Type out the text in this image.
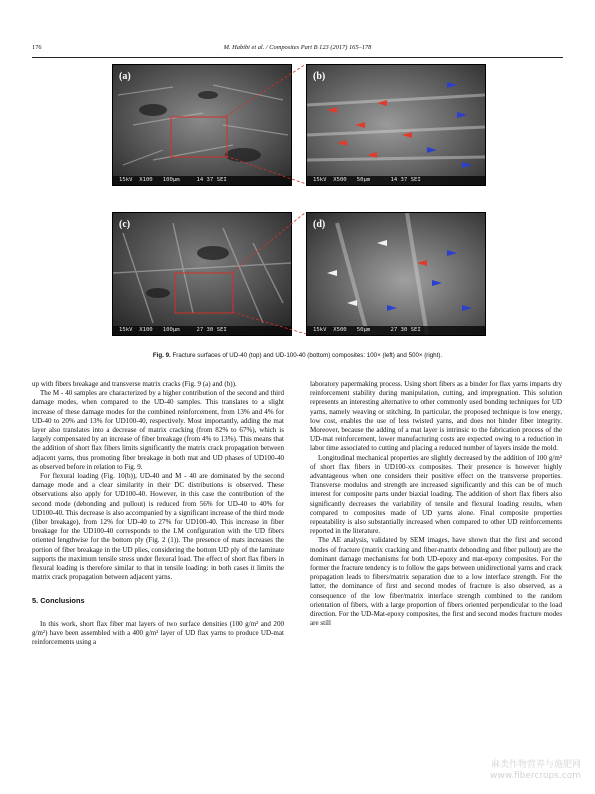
176	M. Habibi et al. / Composites Part B 123 (2017) 165–178
(a)
15kV  X100   100µm     14 37 SEI
(b)
15kV  X500   50µm      14 37 SEI
(c)
15kV  X100   100µm     27 30 SEI
(d)
15kV  X500   50µm      27 30 SEI
Fig. 9. Fracture surfaces of UD-40 (top) and UD-100-40 (bottom) composites: 100× (left) and 500× (right).

up with fibers breakage and transverse matrix cracks (Fig. 9 (a) and (b)).

The M - 40 samples are characterized by a higher contribution of the second and third damage modes, when compared to the UD-40 samples. This translates to a slight increase of these damage modes for the combined reinforcement, from 13% and 4% for UD-40 to 20% and 13% for UD100-40, respectively. Most importantly, adding the mat layer also translates into a decrease of matrix cracking (from 82% to 67%), which is largely compensated by an increase of fiber breakage (from 4% to 13%). This means that the addition of short flax fibers limits significantly the matrix crack propagation between adjacent yarns, thus promoting fiber breakage in both mat and UD phases of UD100-40 as observed before in relation to Fig. 9.

For flexural loading (Fig. 10(b)), UD-40 and M - 40 are dominated by the second damage mode and a clear similarity in their DC distributions is observed. These observations also apply for UD100-40. However, in this case the contribution of the second mode (debonding and pullout) is reduced from 56% for UD-40 to 40% for UD100-40. This decrease is also accompanied by a significant increase of the third mode (fiber breakage), from 12% for UD-40 to 27% for UD100-40. This increase in fiber breakage for the UD100-40 corresponds to the LM configuration with the UD fibers oriented lengthwise for the bottom ply (Fig. 2 (1)). The presence of mats increases the portion of fiber breakage in the UD plies, considering the bottom UD ply of the laminate supports the maximum tensile stress under flexural load. The effect of short flax fibers in flexural loading is therefore similar to that in tensile loading: in both cases it limits the matrix crack propagation between adjacent yarns.

5. Conclusions

In this work, short flax fiber mat layers of two surface densities (100 g/m² and 200 g/m²) have been assembled with a 400 g/m² layer of UD flax yarns to produce UD-mat reinforcements using a

laboratory papermaking process. Using short fibers as a binder for flax yarns imparts dry reinforcement stability during manipulation, cutting, and impregnation. This solution represents an interesting alternative to other commonly used bonding techniques for UD yarns, namely weaving or stitching. In particular, the proposed technique is low energy, low cost, enables the use of less twisted yarns, and does not hinder fiber integrity. Moreover, because the adding of a mat layer is intrinsic to the fabrication process of the UD-mat reinforcement, lower manufacturing costs are expected owing to a reduction in labor time associated to cutting and placing a reduced number of layers inside the mold.

Longitudinal mechanical properties are slightly decreased by the addition of 100 g/m² of short flax fibers in UD100-xx composites. Their presence is however highly advantageous when one considers their positive effect on the transverse properties. Transverse modulus and strength are increased significantly and this can be of much interest for composite parts under biaxial loading. The addition of short flax fibers also significantly decreases the variability of tensile and flexural loading results, when compared to composites made of UD yarns alone. Final composite properties repeatability is also substantially increased when compared to other UD reinforcements reported in the literature.

The AE analysis, validated by SEM images, have shown that the first and second modes of fracture (matrix cracking and fiber-matrix debonding and fiber pullout) are the dominant damage mechanisms for both UD-epoxy and mat-epoxy composites. For the former the fracture tendency is to follow the gaps between unidirectional yarns and crack propagation leads to fibers/matrix separation due to a low interface strength. For the latter, the dominance of first and second modes of fracture is also observed, as a consequence of the low fiber/matrix interface strength combined to the random orientation of fibers, with a large proportion of fibers oriented perpendicular to the load direction. For the UD-Mat-epoxy composites, the first and second modes fracture modes are still

麻类作物营养与施肥网
www.fibercrops.com
